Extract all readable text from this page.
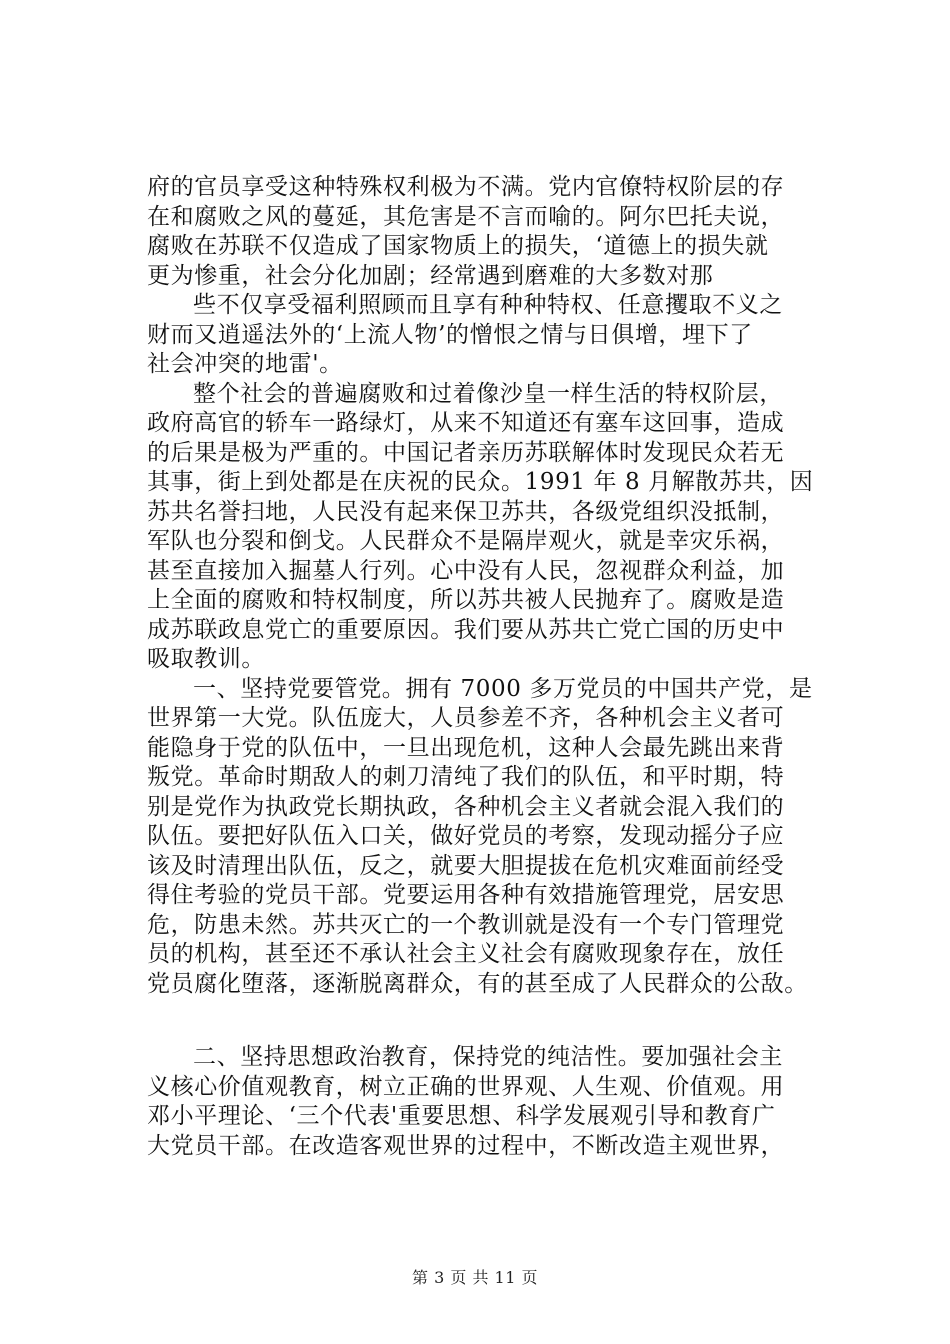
府的官员享受这种特殊权利极为不满。党内官僚特权阶层的存
在和腐败之风的蔓延，其危害是不言而喻的。阿尔巴托夫说，
腐败在苏联不仅造成了国家物质上的损失，‘道德上的损失就
更为惨重，社会分化加剧；经常遇到磨难的大多数对那
些不仅享受福利照顾而且享有种种特权、任意攫取不义之
财而又逍遥法外的‘上流人物’的憎恨之情与日俱增，埋下了
社会冲突的地雷'。
整个社会的普遍腐败和过着像沙皇一样生活的特权阶层，
政府高官的轿车一路绿灯，从来不知道还有塞车这回事，造成
的后果是极为严重的。中国记者亲历苏联解体时发现民众若无
其事，街上到处都是在庆祝的民众。1991 年 8 月解散苏共，因
苏共名誉扫地，人民没有起来保卫苏共，各级党组织没抵制，
军队也分裂和倒戈。人民群众不是隔岸观火，就是幸灾乐祸，
甚至直接加入掘墓人行列。心中没有人民，忽视群众利益，加
上全面的腐败和特权制度，所以苏共被人民抛弃了。腐败是造
成苏联政息党亡的重要原因。我们要从苏共亡党亡国的历史中
吸取教训。
一、坚持党要管党。拥有 7000 多万党员的中国共产党，是
世界第一大党。队伍庞大，人员参差不齐，各种机会主义者可
能隐身于党的队伍中，一旦出现危机，这种人会最先跳出来背
叛党。革命时期敌人的刺刀清纯了我们的队伍，和平时期，特
别是党作为执政党长期执政，各种机会主义者就会混入我们的
队伍。要把好队伍入口关，做好党员的考察，发现动摇分子应
该及时清理出队伍，反之，就要大胆提拔在危机灾难面前经受
得住考验的党员干部。党要运用各种有效措施管理党，居安思
危，防患未然。苏共灭亡的一个教训就是没有一个专门管理党
员的机构，甚至还不承认社会主义社会有腐败现象存在，放任
党员腐化堕落，逐渐脱离群众，有的甚至成了人民群众的公敌。
二、坚持思想政治教育，保持党的纯洁性。要加强社会主
义核心价值观教育，树立正确的世界观、人生观、价值观。用
邓小平理论、‘三个代表'重要思想、科学发展观引导和教育广
大党员干部。在改造客观世界的过程中，不断改造主观世界，
第 3 页 共 11 页
